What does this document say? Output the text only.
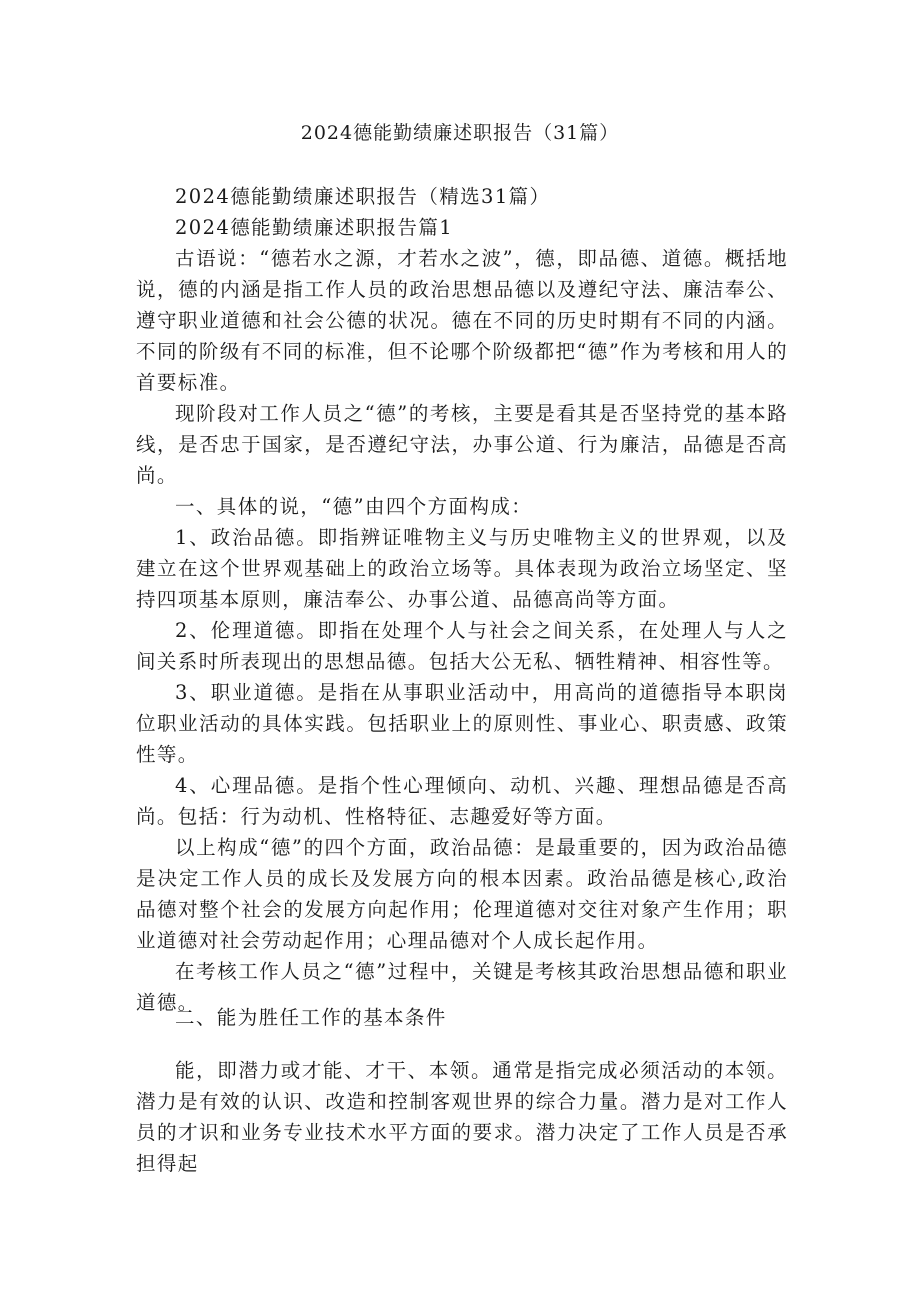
2024德能勤绩廉述职报告（31篇）

2024德能勤绩廉述职报告（精选31篇）

2024德能勤绩廉述职报告篇1

古语说：“德若水之源，才若水之波”，德，即品德、道德。概括地说，德的内涵是指工作人员的政治思想品德以及遵纪守法、廉洁奉公、遵守职业道德和社会公德的状况。德在不同的历史时期有不同的内涵。不同的阶级有不同的标准，但不论哪个阶级都把“德”作为考核和用人的首要标准。

现阶段对工作人员之“德”的考核，主要是看其是否坚持党的基本路线，是否忠于国家，是否遵纪守法，办事公道、行为廉洁，品德是否高尚。

一、具体的说，“德”由四个方面构成：

1、政治品德。即指辨证唯物主义与历史唯物主义的世界观，以及建立在这个世界观基础上的政治立场等。具体表现为政治立场坚定、坚持四项基本原则，廉洁奉公、办事公道、品德高尚等方面。

2、伦理道德。即指在处理个人与社会之间关系，在处理人与人之间关系时所表现出的思想品德。包括大公无私、牺牲精神、相容性等。

3、职业道德。是指在从事职业活动中，用高尚的道德指导本职岗位职业活动的具体实践。包括职业上的原则性、事业心、职责感、政策性等。

4、心理品德。是指个性心理倾向、动机、兴趣、理想品德是否高尚。包括：行为动机、性格特征、志趣爱好等方面。

以上构成“德”的四个方面，政治品德：是最重要的，因为政治品德是决定工作人员的成长及发展方向的根本因素。政治品德是核心,政治品德对整个社会的发展方向起作用；伦理道德对交往对象产生作用；职业道德对社会劳动起作用；心理品德对个人成长起作用。

在考核工作人员之“德”过程中，关键是考核其政治思想品德和职业道德。

二、能为胜任工作的基本条件

能，即潜力或才能、才干、本领。通常是指完成必须活动的本领。潜力是有效的认识、改造和控制客观世界的综合力量。潜力是对工作人员的才识和业务专业技术水平方面的要求。潜力决定了工作人员是否承担得起
